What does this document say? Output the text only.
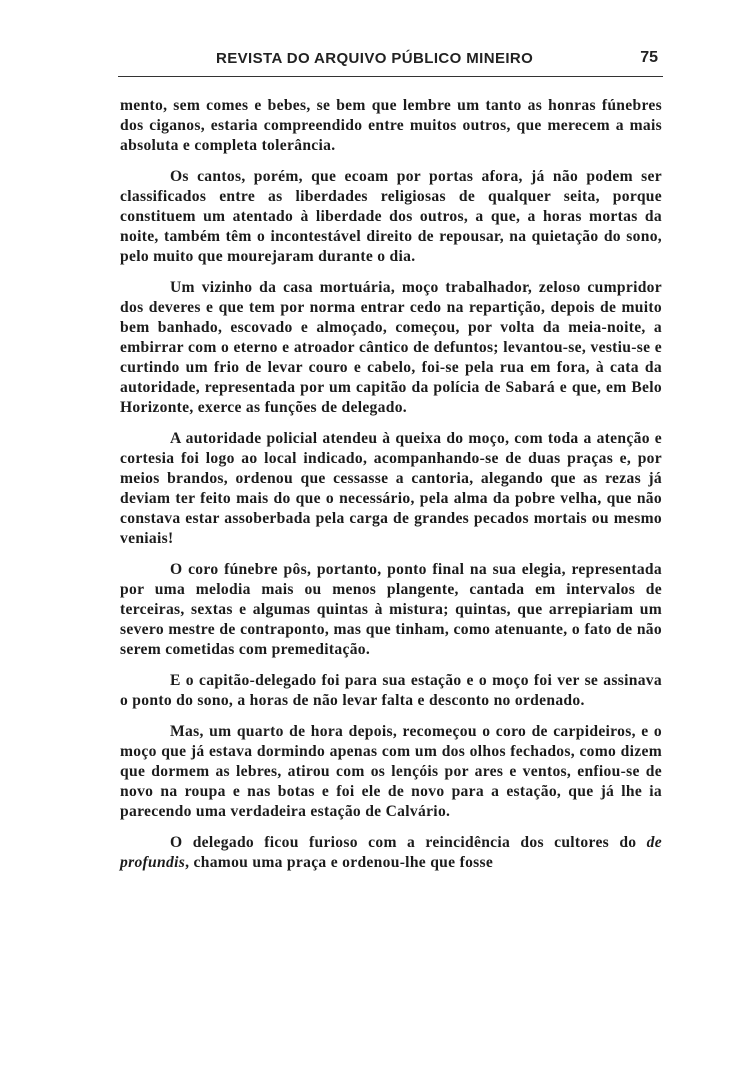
REVISTA DO ARQUIVO PÚBLICO MINEIRO	75

mento, sem comes e bebes, se bem que lembre um tanto as honras fúnebres dos ciganos, estaria compreendido entre muitos outros, que merecem a mais absoluta e completa tolerância.

Os cantos, porém, que ecoam por portas afora, já não podem ser classificados entre as liberdades religiosas de qualquer seita, porque constituem um atentado à liberdade dos outros, a que, a horas mortas da noite, também têm o incontestável direito de repousar, na quietação do sono, pelo muito que mourejaram durante o dia.

Um vizinho da casa mortuária, moço trabalhador, zeloso cumpridor dos deveres e que tem por norma entrar cedo na repartição, depois de muito bem banhado, escovado e almoçado, começou, por volta da meia-noite, a embirrar com o eterno e atroador cântico de defuntos; levantou-se, vestiu-se e curtindo um frio de levar couro e cabelo, foi-se pela rua em fora, à cata da autoridade, representada por um capitão da polícia de Sabará e que, em Belo Horizonte, exerce as funções de delegado.

A autoridade policial atendeu à queixa do moço, com toda a atenção e cortesia foi logo ao local indicado, acompanhando-se de duas praças e, por meios brandos, ordenou que cessasse a cantoria, alegando que as rezas já deviam ter feito mais do que o necessário, pela alma da pobre velha, que não constava estar assoberbada pela carga de grandes pecados mortais ou mesmo veniais!

O coro fúnebre pôs, portanto, ponto final na sua elegia, representada por uma melodia mais ou menos plangente, cantada em intervalos de terceiras, sextas e algumas quintas à mistura; quintas, que arrepiariam um severo mestre de contraponto, mas que tinham, como atenuante, o fato de não serem cometidas com premeditação.

E o capitão-delegado foi para sua estação e o moço foi ver se assinava o ponto do sono, a horas de não levar falta e desconto no ordenado.

Mas, um quarto de hora depois, recomeçou o coro de carpideiros, e o moço que já estava dormindo apenas com um dos olhos fechados, como dizem que dormem as lebres, atirou com os lençóis por ares e ventos, enfiou-se de novo na roupa e nas botas e foi ele de novo para a estação, que já lhe ia parecendo uma verdadeira estação de Calvário.

O delegado ficou furioso com a reincidência dos cultores do de profundis, chamou uma praça e ordenou-lhe que fosse
